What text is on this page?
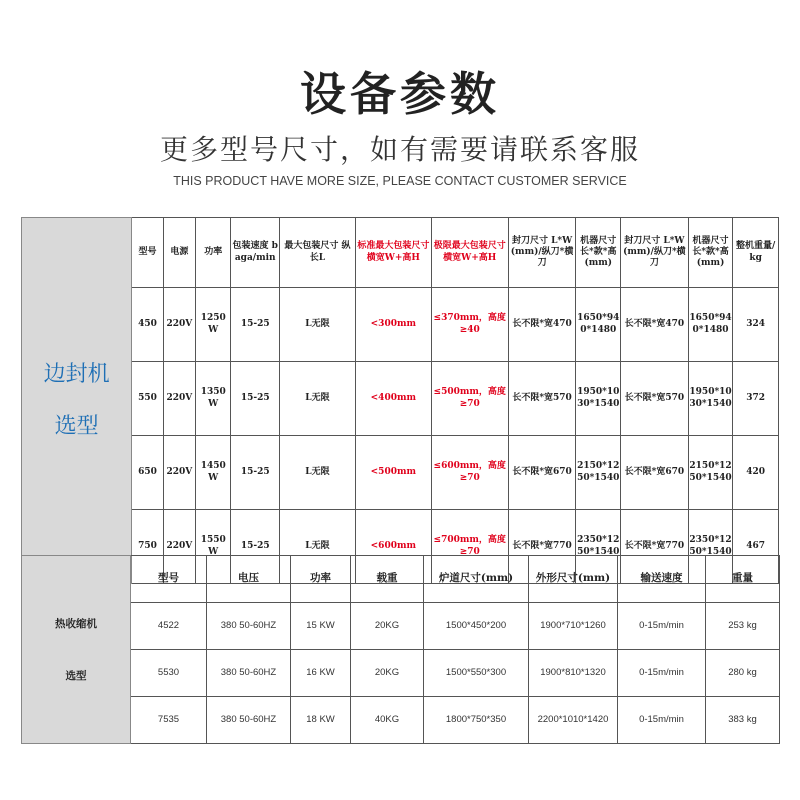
设备参数
更多型号尺寸，如有需要请联系客服
THIS PRODUCT HAVE MORE SIZE, PLEASE CONTACT CUSTOMER SERVICE
边封机
选型	型号	电源	功率	包装速度 baga/min	最大包装尺寸 纵长L	标准最大包装尺寸 横宽W+高H	极限最大包装尺寸 横宽W+高H	封刀尺寸 L*W(mm)/纵刀*横刀	机器尺寸 长*款*高(mm)	封刀尺寸 L*W(mm)/纵刀*横刀	机器尺寸 长*款*高(mm)	整机重量/kg
	450	220V	1250W	15-25	L无限	<300mm	≤370mm，高度≥40	长不限*宽470	1650*940*1480	长不限*宽470	1650*940*1480	324
	550	220V	1350W	15-25	L无限	<400mm	≤500mm，高度≥70	长不限*宽570	1950*1030*1540	长不限*宽570	1950*1030*1540	372
	650	220V	1450W	15-25	L无限	<500mm	≤600mm，高度≥70	长不限*宽670	2150*1250*1540	长不限*宽670	2150*1250*1540	420
	750	220V	1550W	15-25	L无限	<600mm	≤700mm，高度≥70	长不限*宽770	2350*1250*1540	长不限*宽770	2350*1250*1540	467
热收缩机
选型	型号	电压	功率	载重	炉道尺寸(mm)	外形尺寸(mm)	输送速度	重量
	4522	380 50-60HZ	15 KW	20KG	1500*450*200	1900*710*1260	0-15m/min	253 kg
	5530	380 50-60HZ	16 KW	20KG	1500*550*300	1900*810*1320	0-15m/min	280 kg
	7535	380 50-60HZ	18 KW	40KG	1800*750*350	2200*1010*1420	0-15m/min	383 kg
